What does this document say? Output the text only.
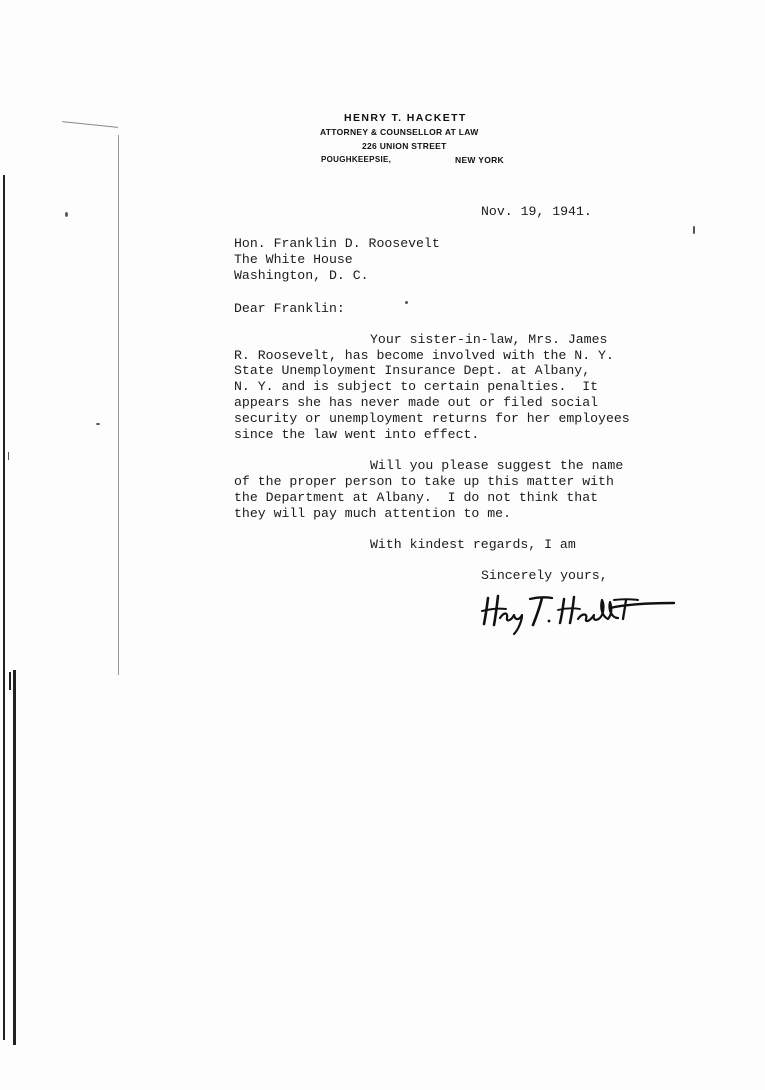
HENRY T. HACKETT
ATTORNEY & COUNSELLOR AT LAW
226 UNION STREET
POUGHKEEPSIE,	NEW YORK

Nov. 19, 1941.

Hon. Franklin D. Roosevelt

The White House

Washington, D. C.

Dear Franklin:

Your sister-in-law, Mrs. James

R. Roosevelt, has become involved with the N. Y.

State Unemployment Insurance Dept. at Albany,

N. Y. and is subject to certain penalties.  It

appears she has never made out or filed social

security or unemployment returns for her employees

since the law went into effect.

Will you please suggest the name

of the proper person to take up this matter with

the Department at Albany.  I do not think that

they will pay much attention to me.

With kindest regards, I am

Sincerely yours,
